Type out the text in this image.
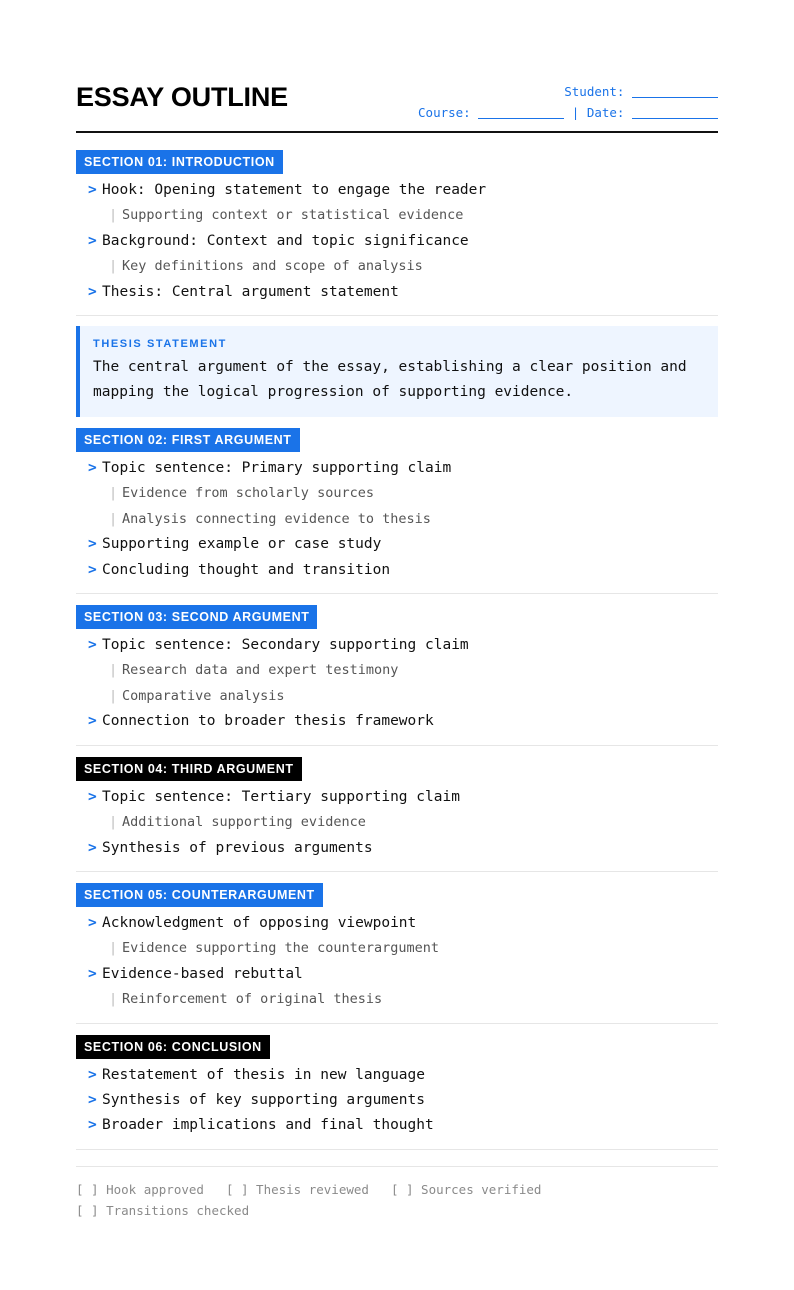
ESSAY OUTLINE	Student:
Course:	| Date:
SECTION 01: INTRODUCTION
> Hook: Opening statement to engage the reader
| Supporting context or statistical evidence
> Background: Context and topic significance
| Key definitions and scope of analysis
> Thesis: Central argument statement
THESIS STATEMENT
The central argument of the essay, establishing a clear position and mapping the logical progression of supporting evidence.
SECTION 02: FIRST ARGUMENT
> Topic sentence: Primary supporting claim
| Evidence from scholarly sources
| Analysis connecting evidence to thesis
> Supporting example or case study
> Concluding thought and transition
SECTION 03: SECOND ARGUMENT
> Topic sentence: Secondary supporting claim
| Research data and expert testimony
| Comparative analysis
> Connection to broader thesis framework
SECTION 04: THIRD ARGUMENT
> Topic sentence: Tertiary supporting claim
| Additional supporting evidence
> Synthesis of previous arguments
SECTION 05: COUNTERARGUMENT
> Acknowledgment of opposing viewpoint
| Evidence supporting the counterargument
> Evidence-based rebuttal
| Reinforcement of original thesis
SECTION 06: CONCLUSION
> Restatement of thesis in new language
> Synthesis of key supporting arguments
> Broader implications and final thought
[ ] Hook approved [ ] Thesis reviewed [ ] Sources verified
[ ] Transitions checked
